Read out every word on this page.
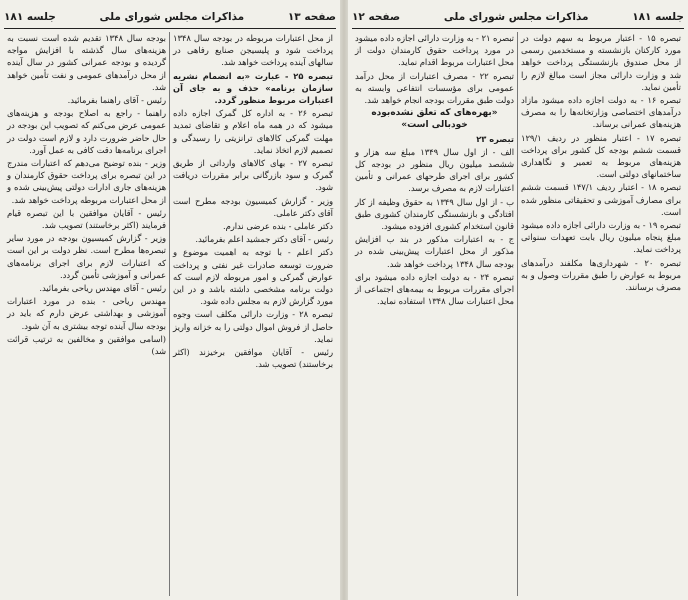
صفحه ۱۳
مذاکرات مجلس شورای ملی
جلسه ۱۸۱

از محل اعتبارات مربوطه در بودجه سال ۱۳۴۸ پرداخت شود و پلیسیجن صنایع رفاهی در سالهای آینده پرداخت خواهد شد.

تبصره ۲۵ - عبارت «به انضمام نشریه سازمان برنامه» حذف و به جای آن اعتبارات مربوط منظور گردد.

تبصره ۲۶ - به اداره کل گمرک اجازه داده میشود که در همه ماه اعلام و تقاضای تمدید مهلت گمرکی کالاهای ترانزیتی را رسیدگی و تصمیم لازم اتخاذ نماید.

تبصره ۲۷ - بهای کالاهای وارداتی از طریق گمرک و سود بازرگانی برابر مقررات دریافت شود.

وزیر - گزارش کمیسیون بودجه مطرح است آقای دکتر عاملی.

دکتر عاملی - بنده عرضی ندارم.

رئیس - آقای دکتر جمشید اعلم بفرمائید.

دکتر اعلم - با توجه به اهمیت موضوع و ضرورت توسعه صادرات غیر نفتی و پرداخت عوارض گمرکی و امور مربوطه لازم است که دولت برنامه مشخصی داشته باشد و در این مورد گزارش لازم به مجلس داده شود.

تبصره ۲۸ - وزارت دارائی مکلف است وجوه حاصل از فروش اموال دولتی را به خزانه واریز نماید.

رئیس - آقایان موافقین برخیزند (اکثر برخاستند) تصویب شد.

بودجه سال ۱۳۴۸ تقدیم شده است نسبت به هزینه‌های سال گذشته با افزایش مواجه گردیده و بودجه عمرانی کشور در سال آینده از محل درآمدهای عمومی و نفت تأمین خواهد شد.

رئیس - آقای راهنما بفرمائید.

راهنما - راجع به اصلاح بودجه و هزینه‌های عمومی عرض می‌کنم که تصویب این بودجه در حال حاضر ضرورت دارد و لازم است دولت در اجرای برنامه‌ها دقت کافی به عمل آورد.

وزیر - بنده توضیح می‌دهم که اعتبارات مندرج در این تبصره برای پرداخت حقوق کارمندان و هزینه‌های جاری ادارات دولتی پیش‌بینی شده و از محل اعتبارات مربوطه پرداخت خواهد شد.

رئیس - آقایان موافقین با این تبصره قیام فرمایند (اکثر برخاستند) تصویب شد.

وزیر - گزارش کمیسیون بودجه در مورد سایر تبصره‌ها مطرح است. نظر دولت بر این است که اعتبارات لازم برای اجرای برنامه‌های عمرانی و آموزشی تأمین گردد.

رئیس - آقای مهندس ریاحی بفرمائید.

مهندس ریاحی - بنده در مورد اعتبارات آموزشی و بهداشتی عرض دارم که باید در بودجه سال آینده توجه بیشتری به آن شود.

(اسامی موافقین و مخالفین به ترتیب قرائت شد)

جلسه ۱۸۱
مذاکرات مجلس شورای ملی
صفحه ۱۲

تبصره ۱۵ - اعتبار مربوط به سهم دولت در مورد کارکنان بازنشسته و مستخدمین رسمی از محل صندوق بازنشستگی پرداخت خواهد شد و وزارت دارائی مجاز است مبالغ لازم را تأمین نماید.

تبصره ۱۶ - به دولت اجازه داده میشود مازاد درآمدهای اختصاصی وزارتخانه‌ها را به مصرف هزینه‌های عمرانی برساند.

تبصره ۱۷ - اعتبار منظور در ردیف ۱۲۹/۱ قسمت ششم بودجه کل کشور برای پرداخت هزینه‌های مربوط به تعمیر و نگاهداری ساختمانهای دولتی است.

تبصره ۱۸ - اعتبار ردیف ۱۴۷/۱ قسمت ششم برای مصارف آموزشی و تحقیقاتی منظور شده است.

تبصره ۱۹ - به وزارت دارائی اجازه داده میشود مبلغ پنجاه میلیون ریال بابت تعهدات سنواتی پرداخت نماید.

تبصره ۲۰ - شهرداری‌ها مکلفند درآمدهای مربوط به عوارض را طبق مقررات وصول و به مصرف برسانند.

تبصره ۲۱ - به وزارت دارائی اجازه داده میشود در مورد پرداخت حقوق کارمندان دولت از محل اعتبارات مربوط اقدام نماید.

تبصره ۲۲ - مصرف اعتبارات از محل درآمد عمومی برای مؤسسات انتفاعی وابسته به دولت طبق مقررات بودجه انجام خواهد شد.

«بهره‌های که تعلق نشده‌بوده خودبالی است»

تبصره ۲۳

الف - از اول سال ۱۳۴۹ مبلغ سه هزار و ششصد میلیون ریال منظور در بودجه کل کشور برای اجرای طرحهای عمرانی و تأمین اعتبارات لازم به مصرف برسد.

ب - از اول سال ۱۳۴۹ به حقوق وظیفه از کار افتادگی و بازنشستگی کارمندان کشوری طبق قانون استخدام کشوری افزوده میشود.

ج - به اعتبارات مذکور در بند ب افزایش مذکور از محل اعتبارات پیش‌بینی شده در بودجه سال ۱۳۴۸ پرداخت خواهد شد.

تبصره ۲۴ - به دولت اجازه داده میشود برای اجرای مقررات مربوط به بیمه‌های اجتماعی از محل اعتبارات سال ۱۳۴۸ استفاده نماید.
